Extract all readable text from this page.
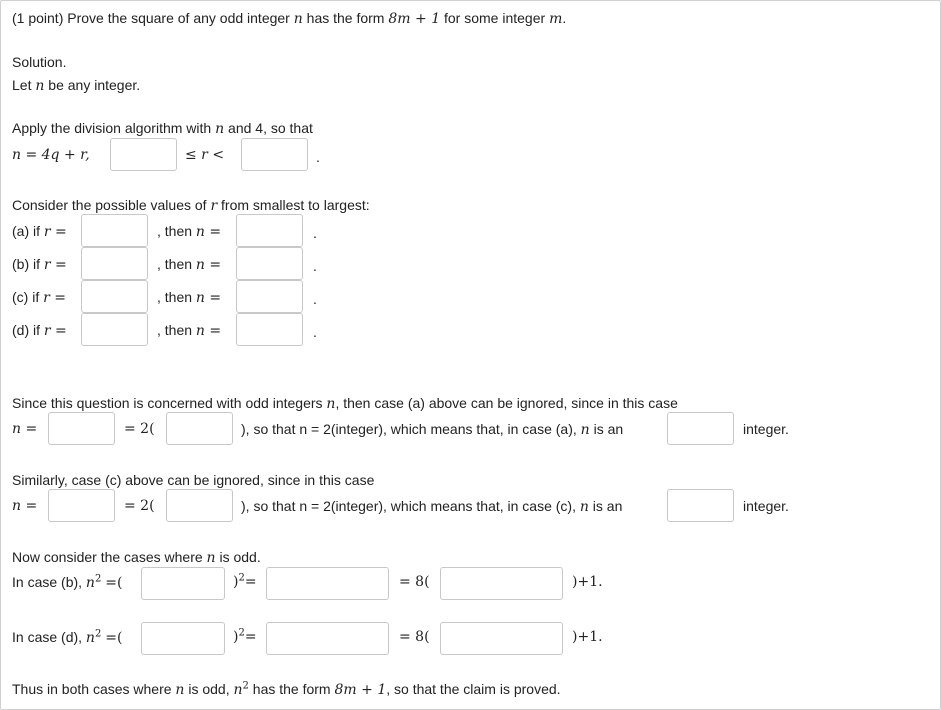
(1 point) Prove the square of any odd integer n has the form 8m + 1 for some integer m.
Solution.
Let n be any integer.
Apply the division algorithm with n and 4, so that
n = 4q + r,	≤ r <	.
Consider the possible values of r from smallest to largest:
(a) if r =	, then n =	.
(b) if r =	, then n =	.
(c) if r =	, then n =	.
(d) if r =	, then n =	.
Since this question is concerned with odd integers n, then case (a) above can be ignored, since in this case
n =	= 2(	), so that n = 2(integer), which means that, in case (a), n is an	integer.
Similarly, case (c) above can be ignored, since in this case
n =	= 2(	), so that n = 2(integer), which means that, in case (c), n is an	integer.
Now consider the cases where n is odd.
In case (b), $n^2$ =(	)$^2$=	= 8(	)+1.
In case (d), $n^2$ =(	)$^2$=	= 8(	)+1.
Thus in both cases where n is odd, $n^2$ has the form 8m + 1, so that the claim is proved.
